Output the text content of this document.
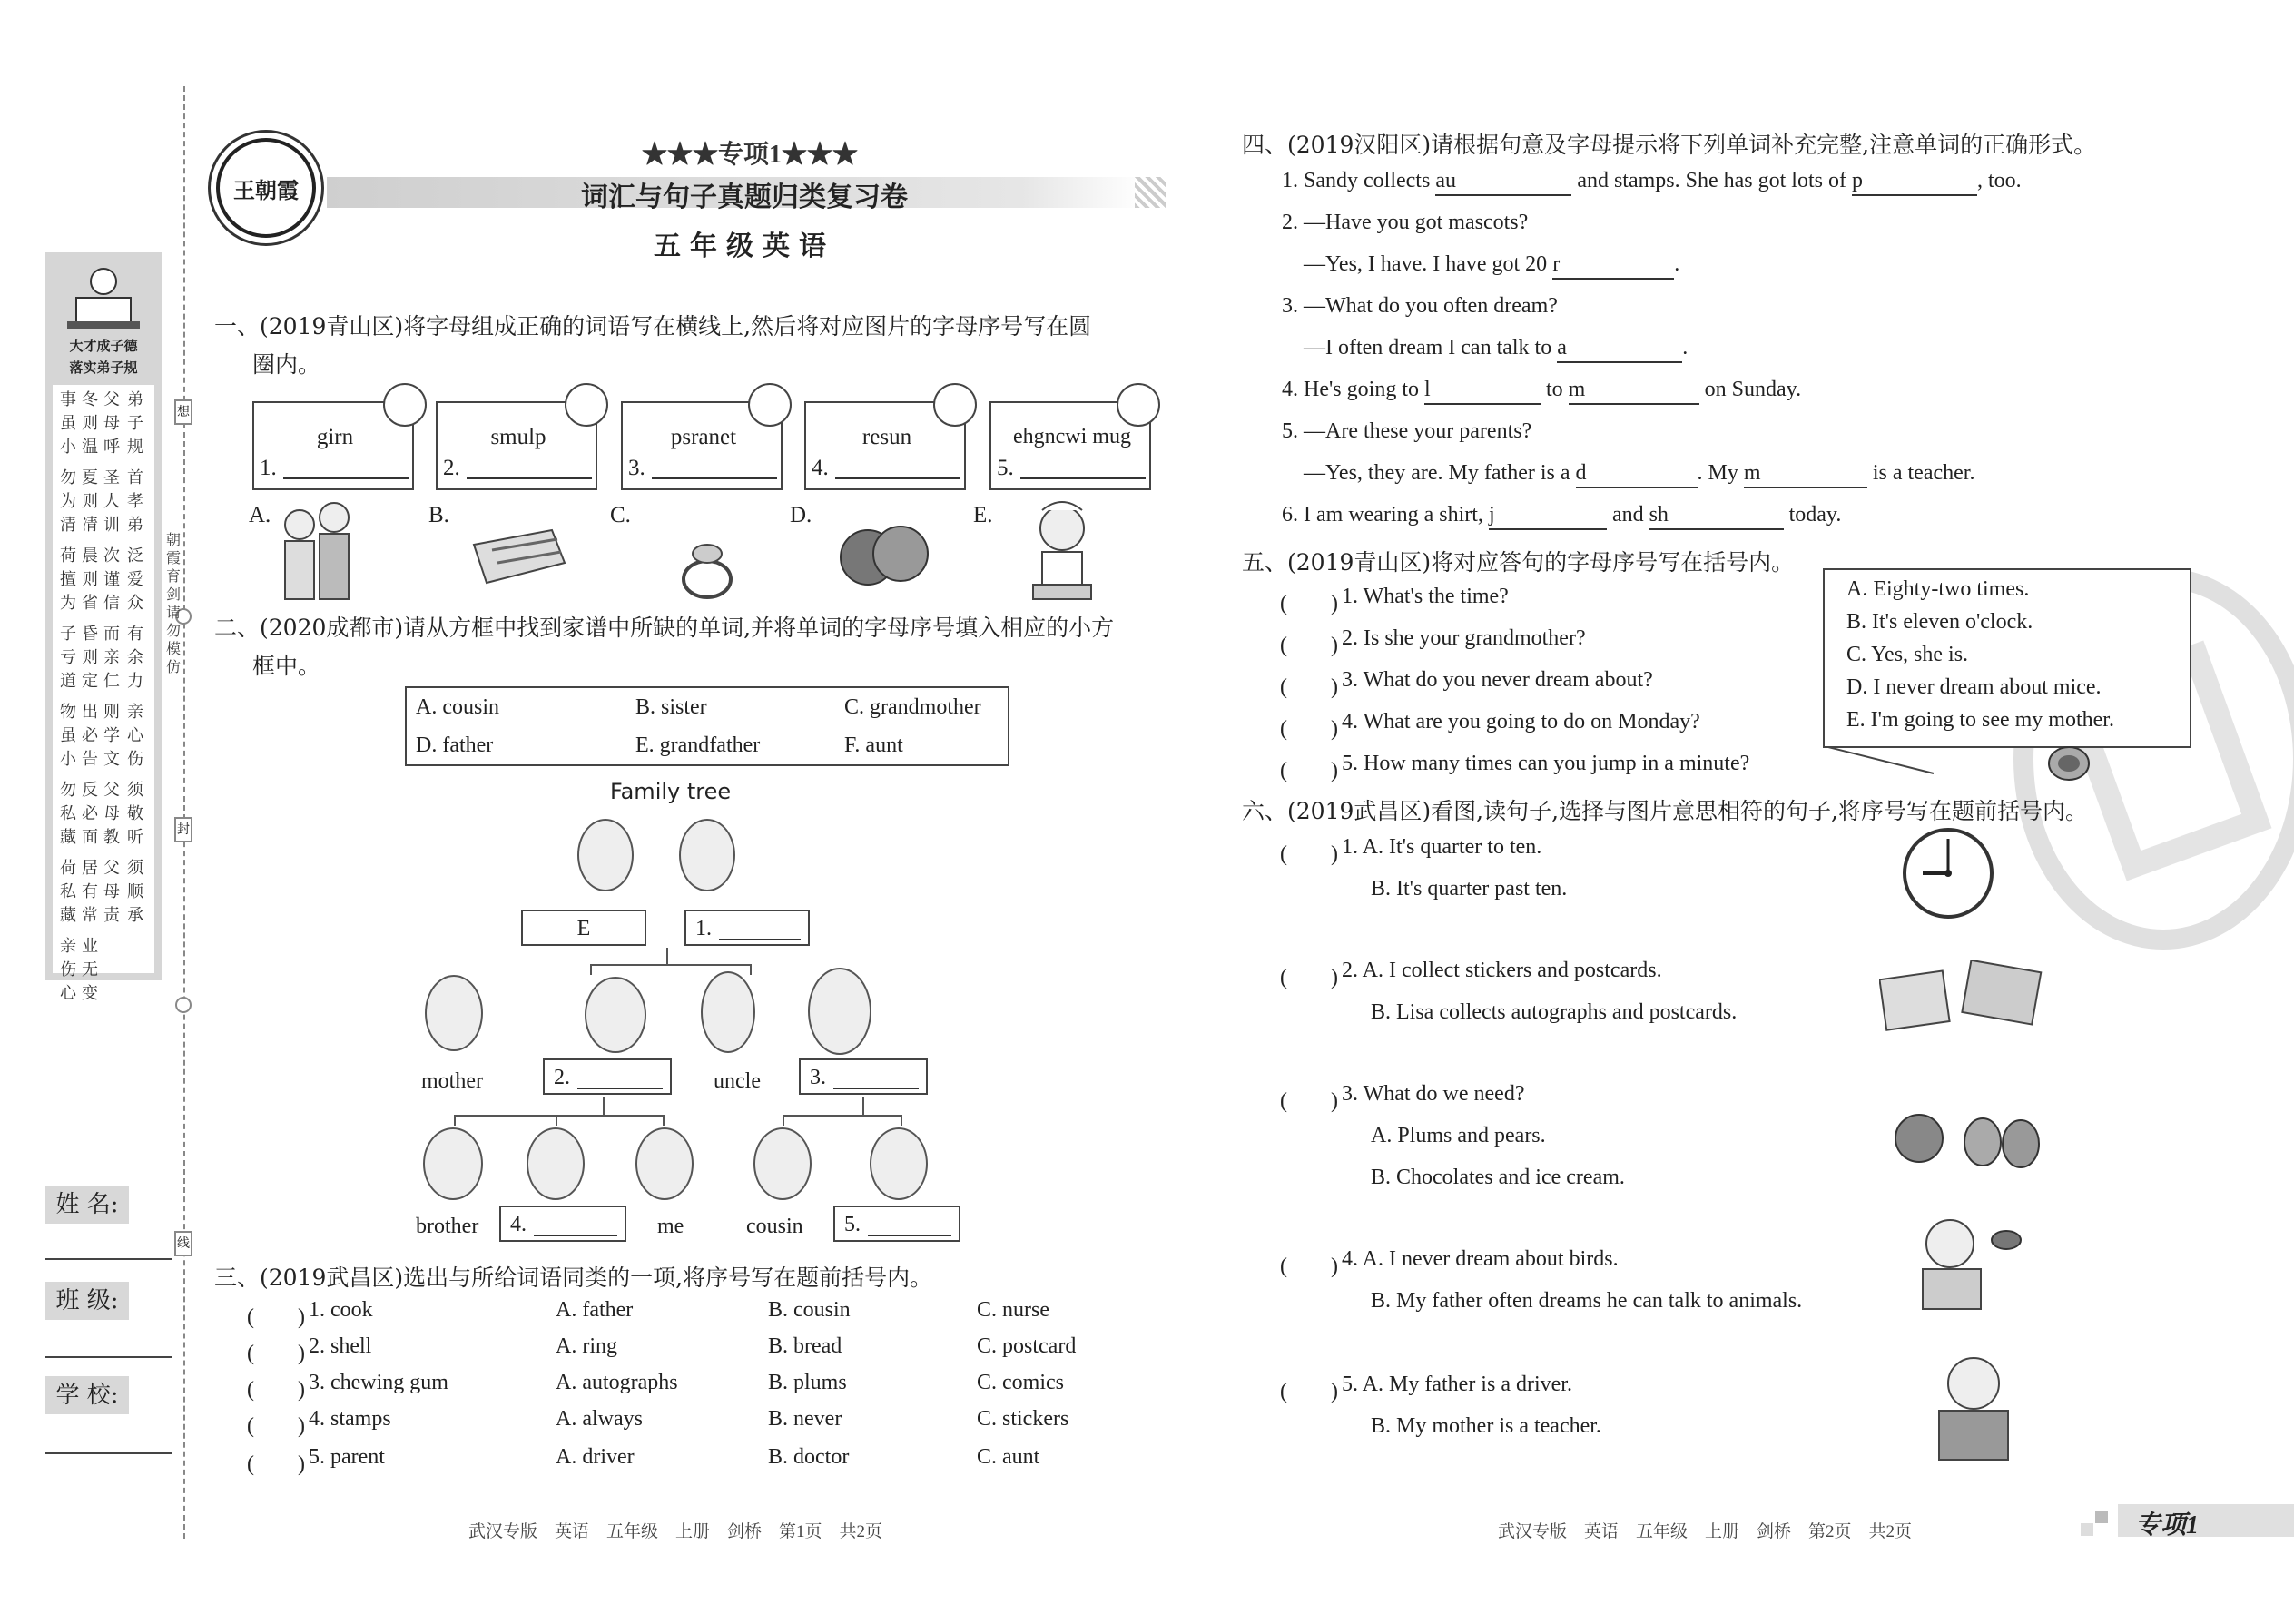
想
封
线
朝霞育剑 请勿模仿
大才成子德
落实弟子规
事虽小
冬则温
父母呼
弟子规
勿为清
夏则凊
圣人训
首孝弟
荷擅为
晨则省
次谨信
泛爱众
子亏道
昏则定
而亲仁
有余力
物虽小
出必告
则学文
亲心伤
勿私藏
反必面
父母教
须敬听
荷私藏
居有常
父母责
须顺承
亲伤心
业无变
姓 名:
班 级:
学 校:
王朝霞
★★★专项1★★★
词汇与句子真题归类复习卷
五年级英语
一、(2019青山区)将字母组成正确的词语写在横线上,然后将对应图片的字母序号写在圆
圈内。
girn
1.
smulp
2.
psranet
3.
resun
4.
ehgncwi mug
5.
A.	B.	C.	D.	E.
二、(2020成都市)请从方框中找到家谱中所缺的单词,并将单词的字母序号填入相应的小方
框中。
A. cousin	B. sister	C. grandmother
D. father	E. grandfather	F. aunt
Family tree
E	1.
mother	2.	uncle 3.
brother 4.	me	cousin 5.
三、(2019武昌区)选出与所给词语同类的一项,将序号写在题前括号内。
(　　) 1. cook	A. father	B. cousin	C. nurse
(　　) 2. shell	A. ring	B. bread	C. postcard
(　　) 3. chewing gum	A. autographs	B. plums	C. comics
(　　) 4. stamps	A. always	B. never	C. stickers
(　　) 5. parent	A. driver	B. doctor	C. aunt
武汉专版　英语　五年级　上册　剑桥　第1页　共2页
四、(2019汉阳区)请根据句意及字母提示将下列单词补充完整,注意单词的正确形式。
1. Sandy collects au	and stamps. She has got lots of p	, too.
2. —Have you got mascots?
—Yes, I have. I have got 20 r	.
3. —What do you often dream?
—I often dream I can talk to a	.
4. He's going to l	to m	on Sunday.
5. —Are these your parents?
—Yes, they are. My father is a d	. My m	is a teacher.
6. I am wearing a shirt, j	and sh	today.
五、(2019青山区)将对应答句的字母序号写在括号内。
(　　) 1. What's the time?
(　　) 2. Is she your grandmother?
(　　) 3. What do you never dream about?
(　　) 4. What are you going to do on Monday?
(　　) 5. How many times can you jump in a minute?
A. Eighty-two times.
B. It's eleven o'clock.
C. Yes, she is.
D. I never dream about mice.
E. I'm going to see my mother.
六、(2019武昌区)看图,读句子,选择与图片意思相符的句子,将序号写在题前括号内。
(　　) 1. A. It's quarter to ten.
B. It's quarter past ten.
(　　) 2. A. I collect stickers and postcards.
B. Lisa collects autographs and postcards.
(　　) 3. What do we need?
A. Plums and pears.
B. Chocolates and ice cream.
(　　) 4. A. I never dream about birds.
B. My father often dreams he can talk to animals.
(　　) 5. A. My father is a driver.
B. My mother is a teacher.
武汉专版　英语　五年级　上册　剑桥　第2页　共2页	专项1
